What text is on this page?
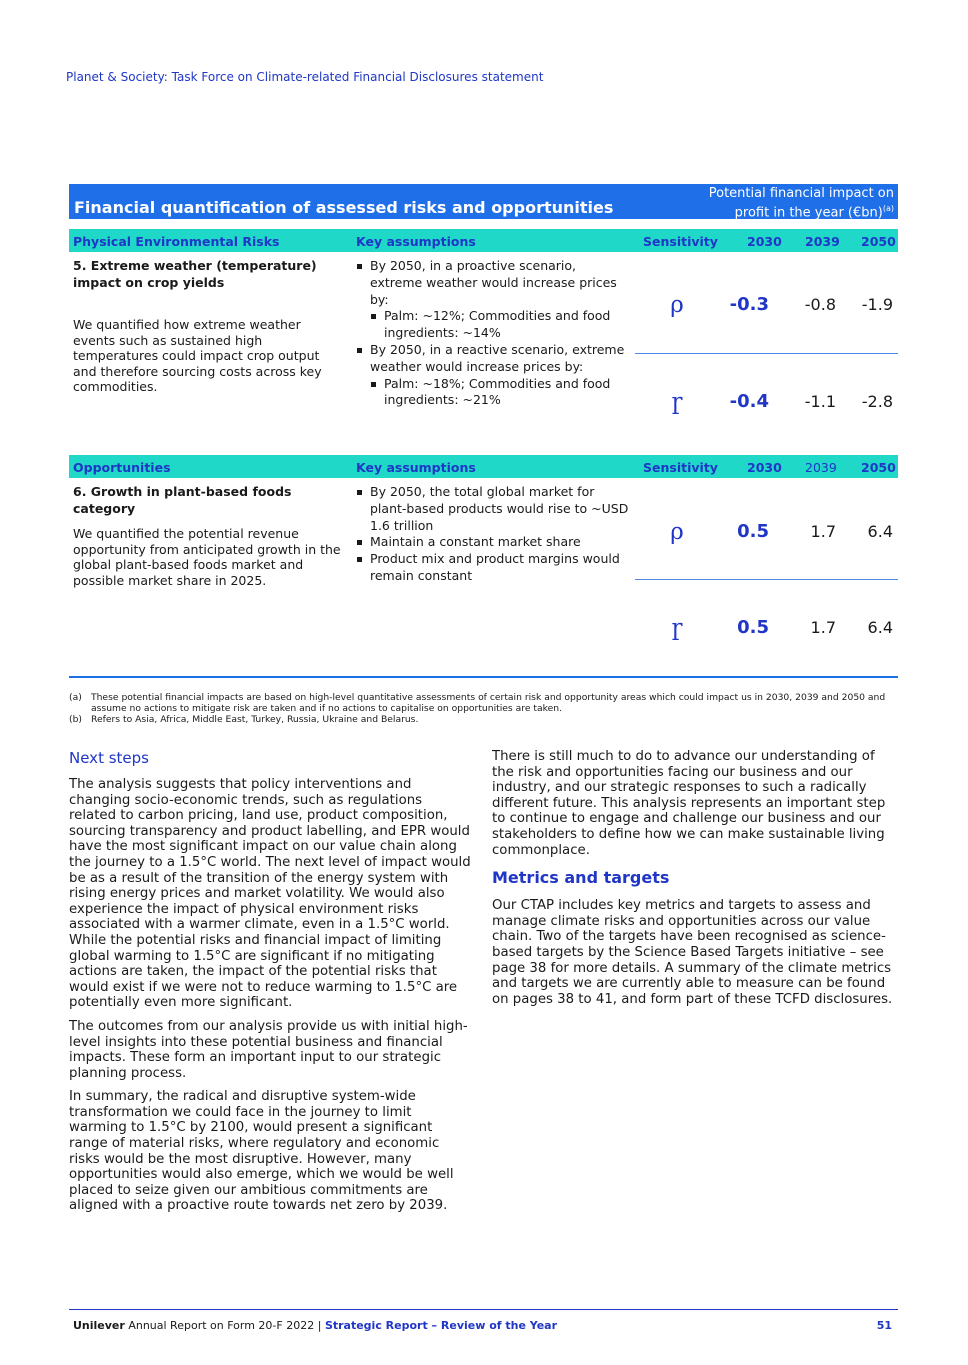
Planet & Society: Task Force on Climate-related Financial Disclosures statement
Financial quantification of assessed risks and opportunities
Potential financial impact on
profit in the year (€bn)$^{(a)}$
Physical Environmental Risks	Key assumptions	Sensitivity 2030 2039 2050
5. Extreme weather (temperature) impact on crop yields
We quantified how extreme weather events such as sustained high temperatures could impact crop output and therefore sourcing costs across key commodities.
By 2050, in a proactive scenario, extreme weather would increase prices by:
Palm: ~12%; Commodities and food ingredients: ~14%
By 2050, in a reactive scenario, extreme weather would increase prices by:
Palm: ~18%; Commodities and food ingredients: ~21%
ρ	-0.3	-0.8	-1.9
ɼ	-0.4	-1.1	-2.8
Opportunities	Key assumptions	Sensitivity 2030 2039 2050
6. Growth in plant-based foods category
We quantified the potential revenue opportunity from anticipated growth in the global plant-based foods market and possible market share in 2025.
By 2050, the total global market for plant-based products would rise to ~USD 1.6 trillion
Maintain a constant market share
Product mix and product margins would remain constant
ρ	0.5	1.7	6.4
ɼ	0.5	1.7	6.4
(a) These potential financial impacts are based on high-level quantitative assessments of certain risk and opportunity areas which could impact us in 2030, 2039 and 2050 and assume no actions to mitigate risk are taken and if no actions to capitalise on opportunities are taken.
(b) Refers to Asia, Africa, Middle East, Turkey, Russia, Ukraine and Belarus.
Next steps

The analysis suggests that policy interventions and changing socio-economic trends, such as regulations related to carbon pricing, land use, product composition, sourcing transparency and product labelling, and EPR would have the most significant impact on our value chain along the journey to a 1.5°C world. The next level of impact would be as a result of the transition of the energy system with rising energy prices and market volatility. We would also experience the impact of physical environment risks associated with a warmer climate, even in a 1.5°C world. While the potential risks and financial impact of limiting global warming to 1.5°C are significant if no mitigating actions are taken, the impact of the potential risks that would exist if we were not to reduce warming to 1.5°C are potentially even more significant.

The outcomes from our analysis provide us with initial high-level insights into these potential business and financial impacts. These form an important input to our strategic planning process.

In summary, the radical and disruptive system-wide transformation we could face in the journey to limit warming to 1.5°C by 2100, would present a significant range of material risks, where regulatory and economic risks would be the most disruptive. However, many opportunities would also emerge, which we would be well placed to seize given our ambitious commitments are aligned with a proactive route towards net zero by 2039.

There is still much to do to advance our understanding of the risk and opportunities facing our business and our industry, and our strategic responses to such a radically different future. This analysis represents an important step to continue to engage and challenge our business and our stakeholders to define how we can make sustainable living commonplace.

Metrics and targets

Our CTAP includes key metrics and targets to assess and manage climate risks and opportunities across our value chain. Two of the targets have been recognised as science-based targets by the Science Based Targets initiative – see page 38 for more details. A summary of the climate metrics and targets we are currently able to measure can be found on pages 38 to 41, and form part of these TCFD disclosures.

Unilever Annual Report on Form 20-F 2022 | Strategic Report – Review of the Year	51
